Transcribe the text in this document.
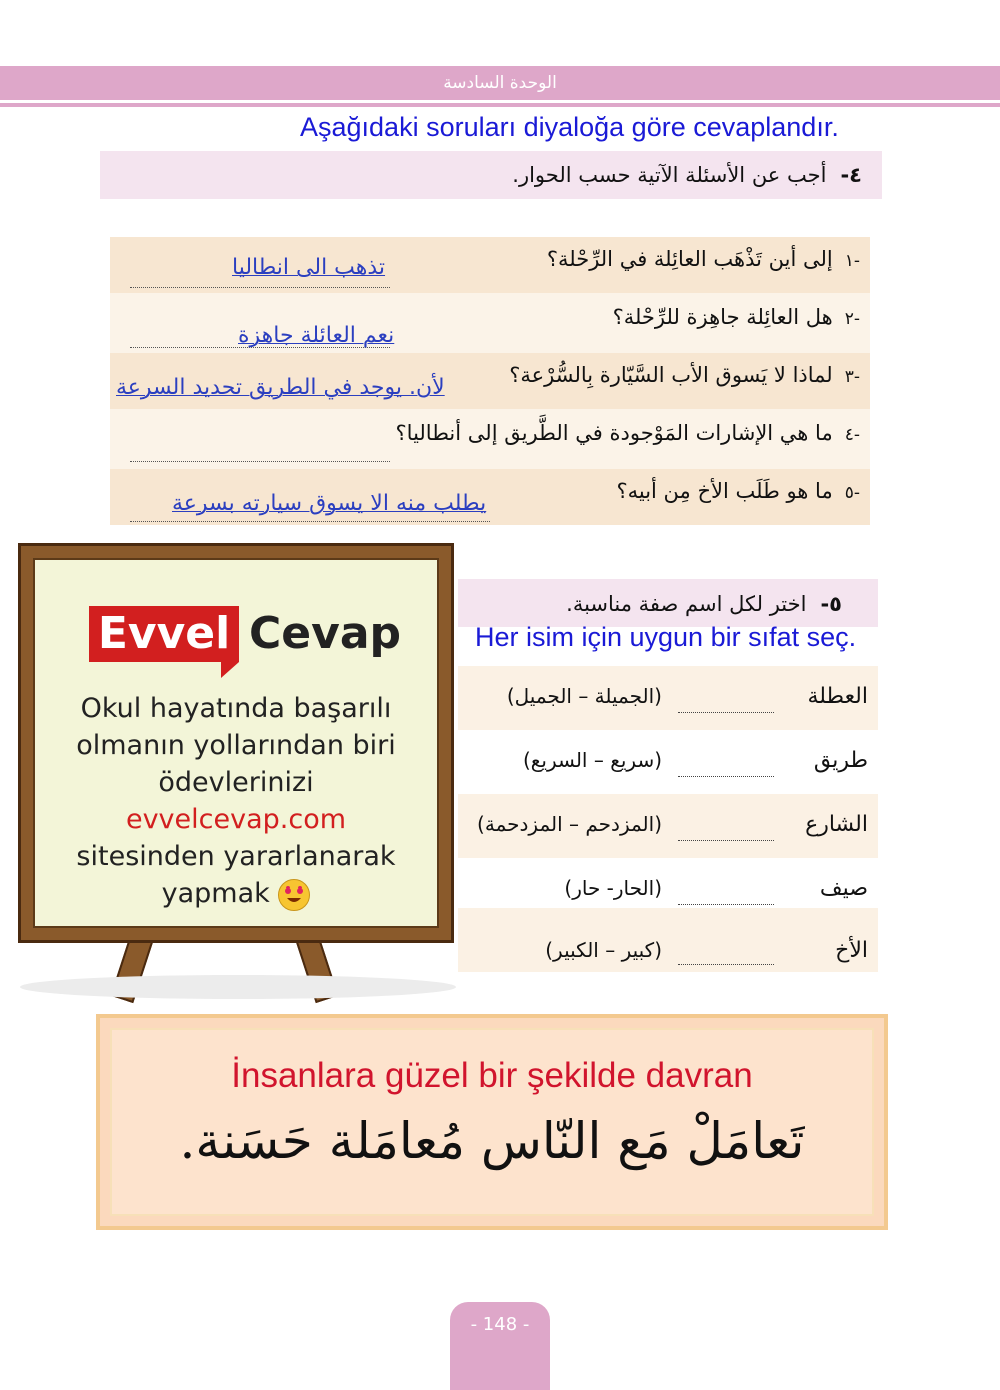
الوحدة السادسة
Aşağıdaki soruları diyaloğa göre cevaplandır.
٤-أجب عن الأسئلة الآتية حسب الحوار.
-١إلى أين تَذْهَب العائِلة في الرِّحْلة؟
تذهب الى انطاليا
-٢هل العائِلة جاهِزة للرِّحْلة؟
نعم العائلة جاهزة
-٣لماذا لا يَسوق الأب السَّيّارة بِالسُّرْعة؟
لأن. يوجد في الطريق تحديد السرعة
-٤ما هي الإشارات المَوْجودة في الطَّريق إلى أنطاليا؟
-٥ما هو طَلَب الأخ مِن أبيه؟
يطلب منه الا يسوق سيارته بسرعة
Evvel Cevap
Okul hayatında başarılı
olmanın yollarından biri
ödevlerinizi
evvelcevap.com
sitesinden yararlanarak
yapmak
٥-اختر لكل اسم صفة مناسبة.
Her isim için uygun bir sıfat seç.
العطلة
(الجميلة – الجميل)
طريق
(سريع – السريع)
الشارع
(المزدحم – المزدحمة)
صيف
(الحار- حار)
الأخ
(كبير – الكبير)
İnsanlara güzel bir şekilde davran
تَعامَلْ مَع النّاس مُعامَلة حَسَنة.
- 148 -
